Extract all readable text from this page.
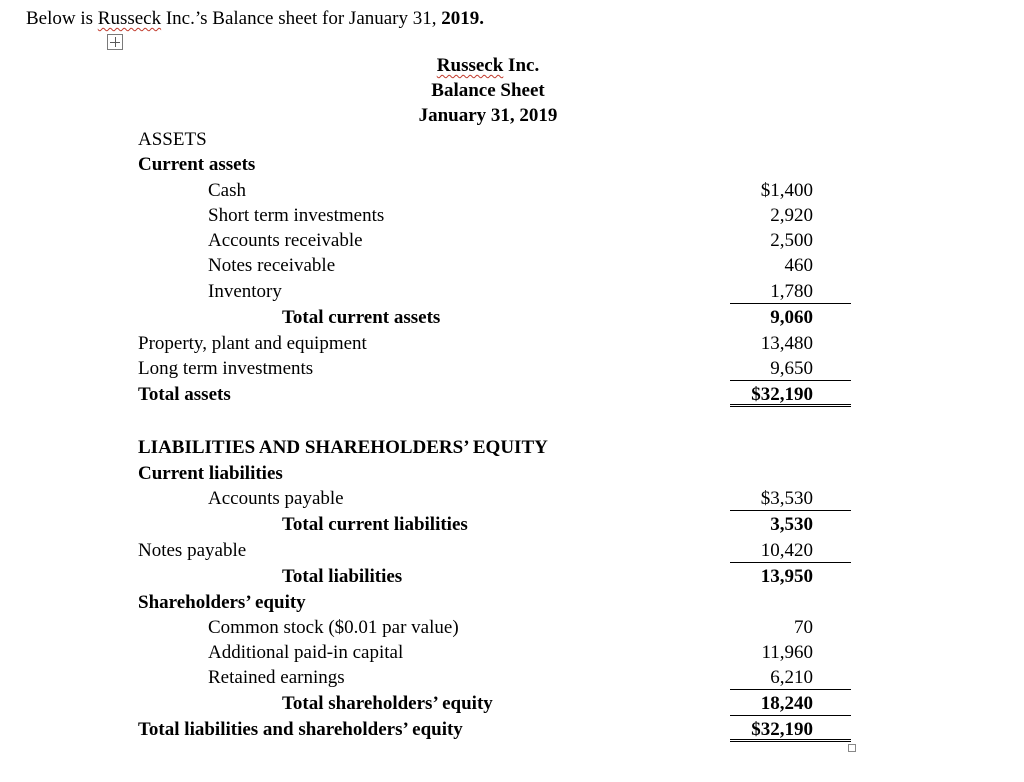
Below is Russeck Inc.’s Balance sheet for January 31, 2019.
Russeck Inc.
Balance Sheet
January 31, 2019
ASSETS
Current assets
Cash	$1,400
Short term investments	2,920
Accounts receivable	2,500
Notes receivable	460
Inventory	1,780
Total current assets	9,060
Property, plant and equipment	13,480
Long term investments	9,650
Total assets	$32,190
LIABILITIES AND SHAREHOLDERS’ EQUITY
Current liabilities
Accounts payable	$3,530
Total current liabilities	3,530
Notes payable	10,420
Total liabilities	13,950
Shareholders’ equity
Common stock ($0.01 par value)	70
Additional paid-in capital	11,960
Retained earnings	6,210
Total shareholders’ equity	18,240
Total liabilities and shareholders’ equity	$32,190
